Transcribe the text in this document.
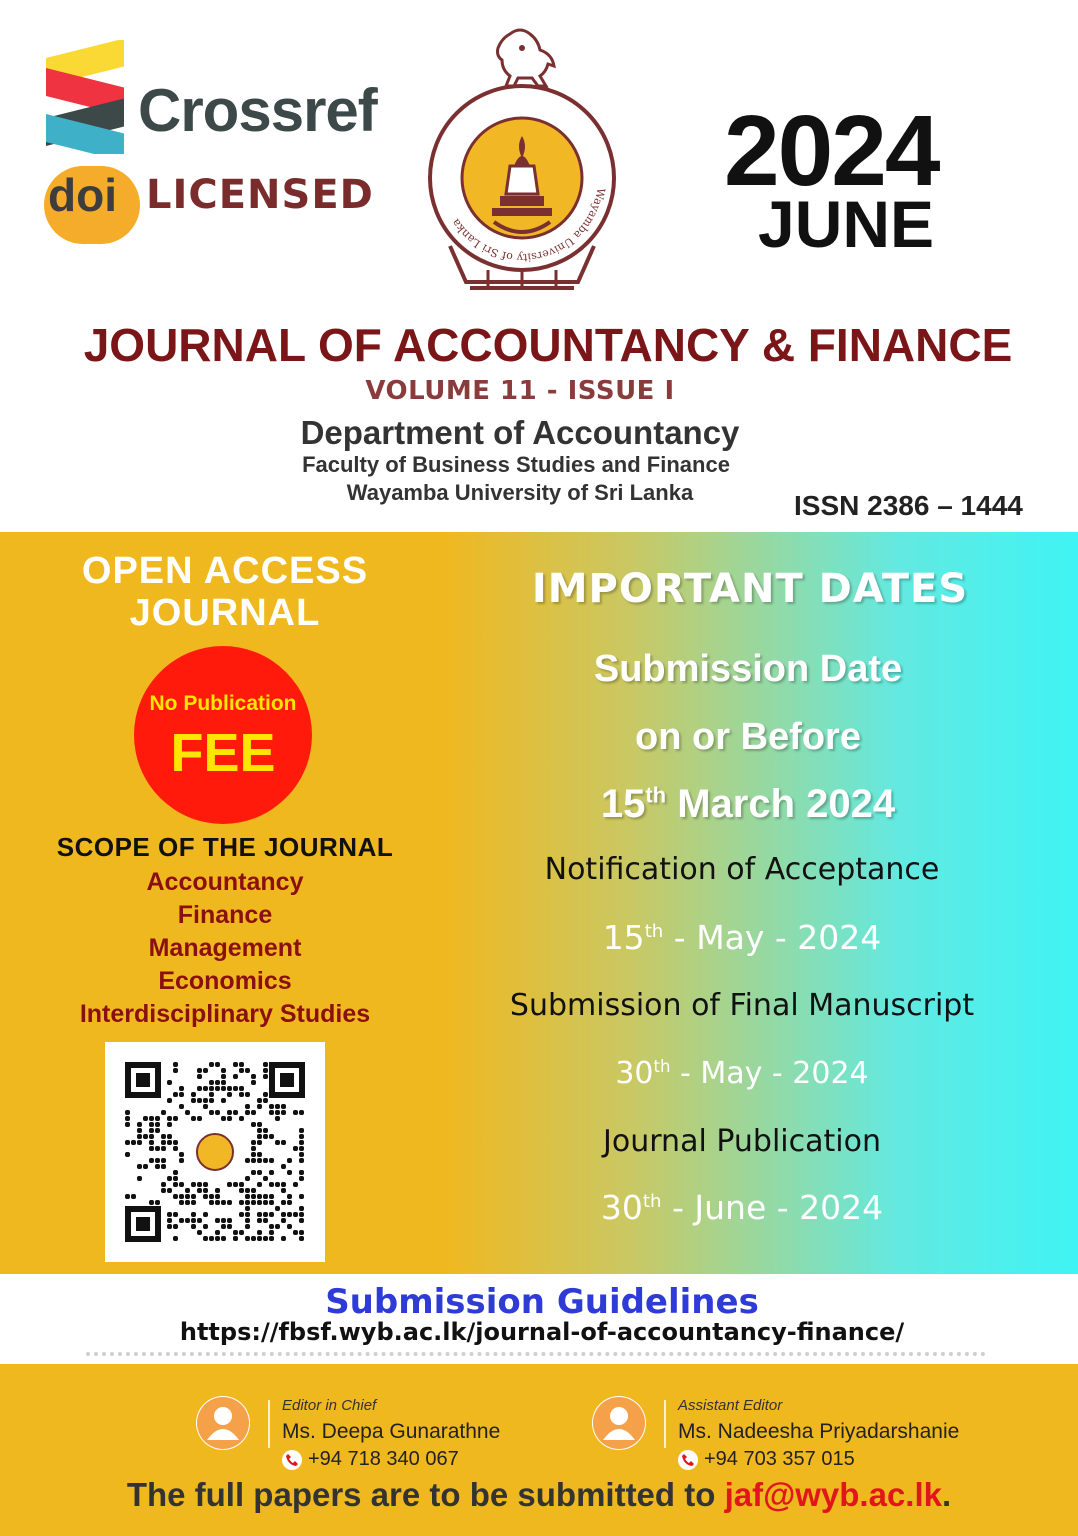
Crossref
doi LICENSED	Wayamba University of Sri Lanka
2024
JUNE
JOURNAL OF ACCOUNTANCY & FINANCE
VOLUME 11 - ISSUE I
Department of Accountancy
Faculty of Business Studies and Finance
Wayamba University of Sri Lanka	ISSN 2386 – 1444
OPEN ACCESS
JOURNAL
No Publication
FEE
SCOPE OF THE JOURNAL
Accountancy
Finance
Management
Economics
Interdisciplinary Studies
IMPORTANT DATES
Submission Date
on or Before
15th March 2024
Notification of Acceptance
15th - May - 2024
Submission of Final Manuscript
30th - May - 2024
Journal Publication
30th - June - 2024
Submission Guidelines
https://fbsf.wyb.ac.lk/journal-of-accountancy-finance/
Editor in Chief
Ms. Deepa Gunarathne
+94 718 340 067
Assistant Editor
Ms. Nadeesha Priyadarshanie
+94 703 357 015
The full papers are to be submitted to jaf@wyb.ac.lk.
